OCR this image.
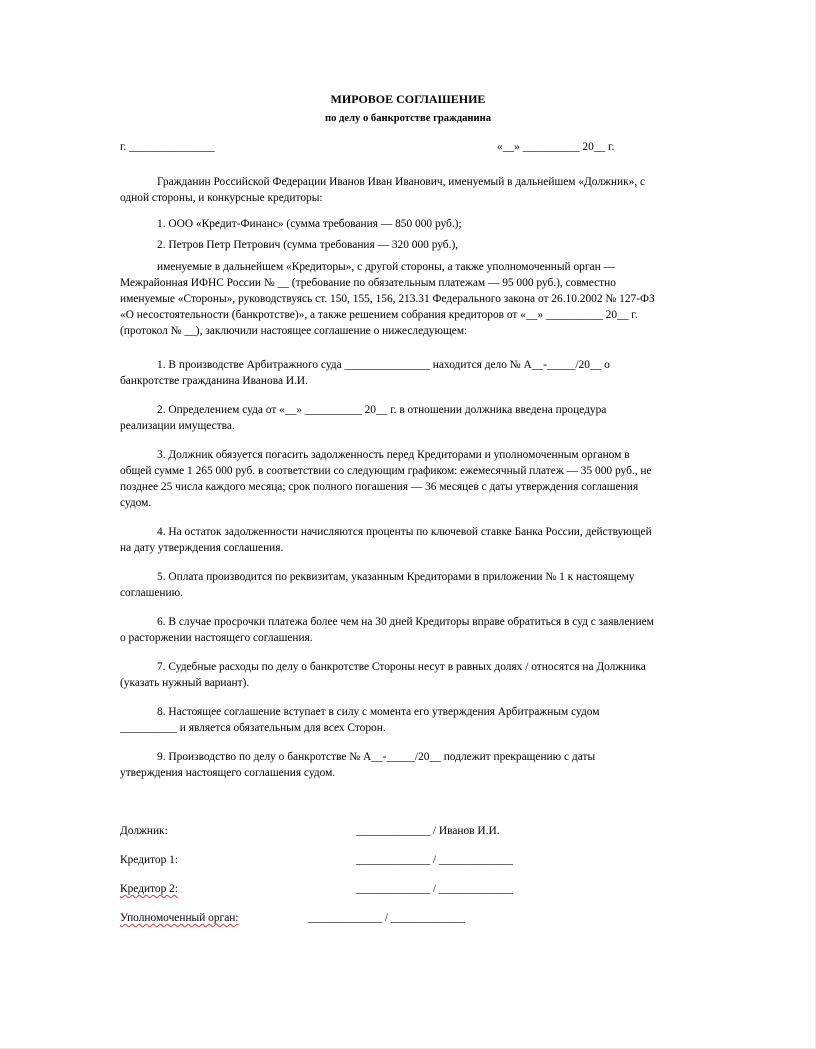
МИРОВОЕ СОГЛАШЕНИЕ
по делу о банкротстве гражданина
г. _______________	«__» __________ 20__ г.
Гражданин Российской Федерации Иванов Иван Иванович, именуемый в дальнейшем «Должник», с
одной стороны, и конкурсные кредиторы:
1. ООО «Кредит-Финанс» (сумма требования — 850 000 руб.);
2. Петров Петр Петрович (сумма требования — 320 000 руб.),
именуемые в дальнейшем «Кредиторы», с другой стороны, а также уполномоченный орган —
Межрайонная ИФНС России № __ (требование по обязательным платежам — 95 000 руб.), совместно
именуемые «Стороны», руководствуясь ст. 150, 155, 156, 213.31 Федерального закона от 26.10.2002 № 127-ФЗ
«О несостоятельности (банкротстве)», а также решением собрания кредиторов от «__» __________ 20__ г.
(протокол № __), заключили настоящее соглашение о нижеследующем:
1. В производстве Арбитражного суда _______________ находится дело № А__-_____/20__ о
банкротстве гражданина Иванова И.И.
2. Определением суда от «__» __________ 20__ г. в отношении должника введена процедура
реализации имущества.
3. Должник обязуется погасить задолженность перед Кредиторами и уполномоченным органом в
общей сумме 1 265 000 руб. в соответствии со следующим графиком: ежемесячный платеж — 35 000 руб., не
позднее 25 числа каждого месяца; срок полного погашения — 36 месяцев с даты утверждения соглашения
судом.
4. На остаток задолженности начисляются проценты по ключевой ставке Банка России, действующей
на дату утверждения соглашения.
5. Оплата производится по реквизитам, указанным Кредиторами в приложении № 1 к настоящему
соглашению.
6. В случае просрочки платежа более чем на 30 дней Кредиторы вправе обратиться в суд с заявлением
о расторжении настоящего соглашения.
7. Судебные расходы по делу о банкротстве Стороны несут в равных долях / относятся на Должника
(указать нужный вариант).
8. Настоящее соглашение вступает в силу с момента его утверждения Арбитражным судом
__________ и является обязательным для всех Сторон.
9. Производство по делу о банкротстве № А__-_____/20__ подлежит прекращению с даты
утверждения настоящего соглашения судом.
Должник:	_____________ / Иванов И.И.
Кредитор 1:	_____________ / _____________
Кредитор 2:	_____________ / _____________
Уполномоченный орган:	_____________ / _____________
